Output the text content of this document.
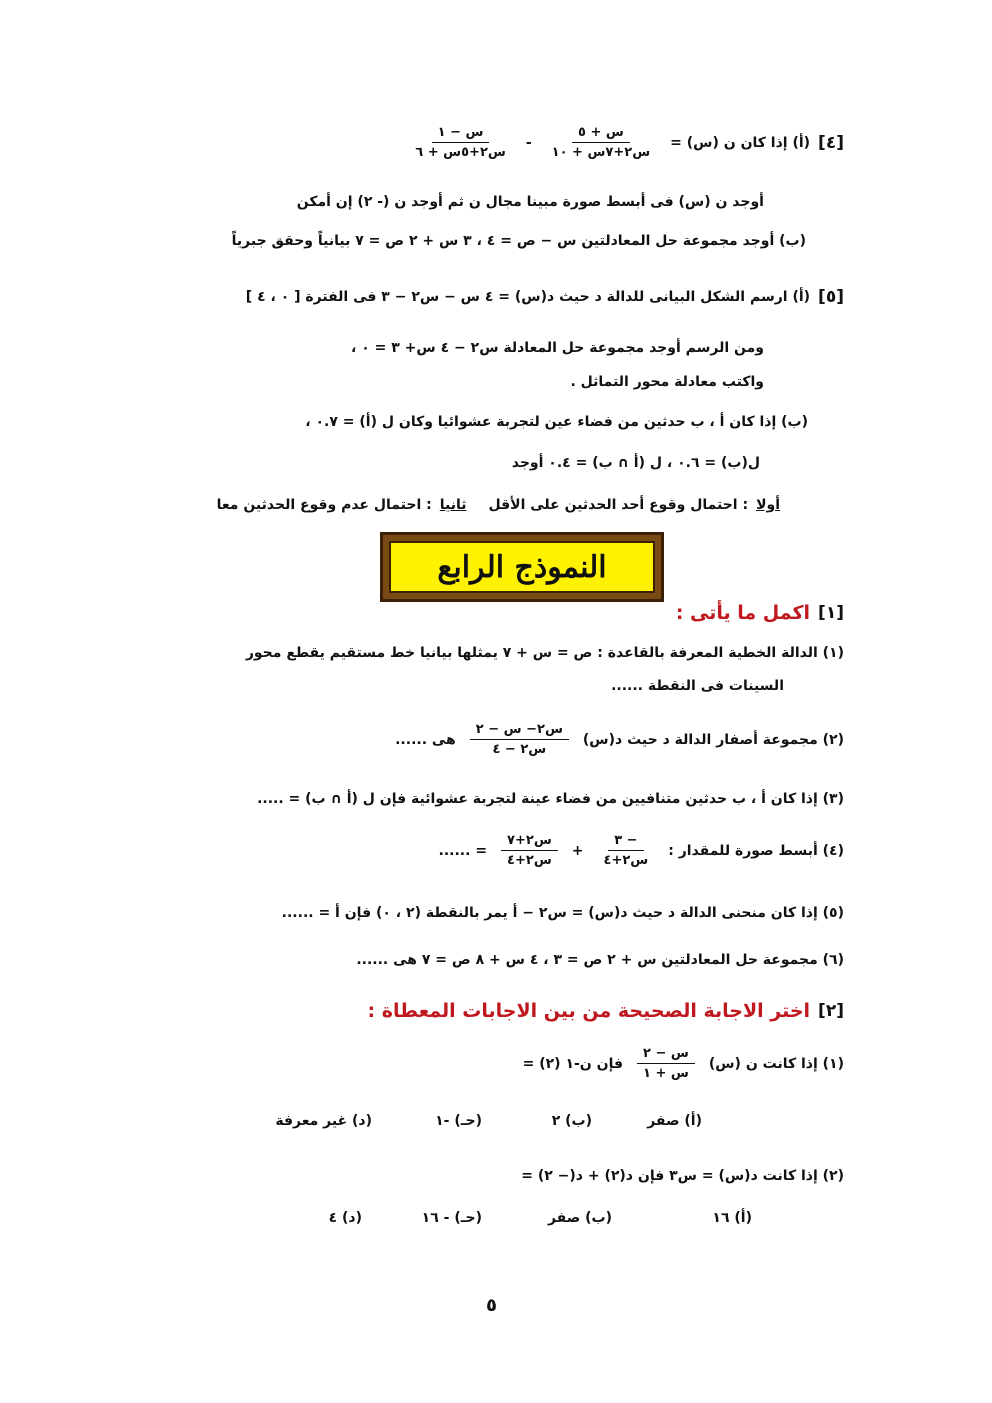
[٤]
(أ) إذا كان ن (س) =
$\frac{\text{س + ٥}}{\text{س٢+٧س + ١٠}}$
-
$\frac{\text{س − ١}}{\text{س٢+٥س + ٦}}$
أوجد ن (س) فى أبسط صورة مبينا مجال ن ثم أوجد ن (- ٢) إن أمكن
(ب) أوجد مجموعة حل المعادلتين س − ص = ٤ ، ٣ س + ٢ ص = ٧ بيانياً وحقق جبرياً
[٥]
(أ) ارسم الشكل البيانى للدالة د حيث د(س) = ٤ س − س٢ − ٣ فى الفترة [ ٠ ، ٤ ]
ومن الرسم أوجد مجموعة حل المعادلة س٢ − ٤ س+ ٣ = ٠ ،
واكتب معادلة محور التماثل .
(ب) إذا كان أ ، ب حدثين من فضاء عين لتجربة عشوائيا وكان ل (أ) = ٠.٧ ،
ل(ب) = ٠.٦ ، ل (أ ∩ ب) = ٠.٤ أوجد
أولا
: احتمال وقوع أحد الحدثين على الأقل
ثانيا
: احتمال عدم وقوع الحدثين معا
النموذج الرابع
[١]
اكمل ما يأتى :
(١) الدالة الخطية المعرفة بالقاعدة : ص = س + ٧ يمثلها بيانيا خط مستقيم يقطع محور
السينات فى النقطة ......
(٢) مجموعة أصفار الدالة د حيث د(س)
$\frac{\text{س٢− س − ٢}}{\text{س٢ − ٤}}$
هى ......
(٣) إذا كان أ ، ب حدثين متنافيين من فضاء عينة لتجربة عشوائية فإن ل (أ ∩ ب) = .....
(٤) أبسط صورة للمقدار :
$\frac{- ٣}{\text{س٢+٤}}$
+
$\frac{\text{س٢+٧}}{\text{س٢+٤}}$
= ......
(٥) إذا كان منحنى الدالة د حيث د(س) = س٢ − أ يمر بالنقطة (٢ ، ٠) فإن أ = ......
(٦) مجموعة حل المعادلتين س + ٢ ص = ٣ ، ٤ س + ٨ ص = ٧ هى ......
[٢]
اختر الاجابة الصحيحة من بين الاجابات المعطاة :
(١) إذا كانت ن (س)
$\frac{\text{س − ٢}}{\text{س + ١}}$
فإن ن-١ (٢) =
(أ) صفر
(ب) ٢
(حـ) -١
(د) غير معرفة
(٢) إذا كانت د(س) = س٣ فإن د(٢) + د(− ٢) =
(أ) ١٦
(ب) صفر
(حـ) - ١٦
(د) ٤
٥
